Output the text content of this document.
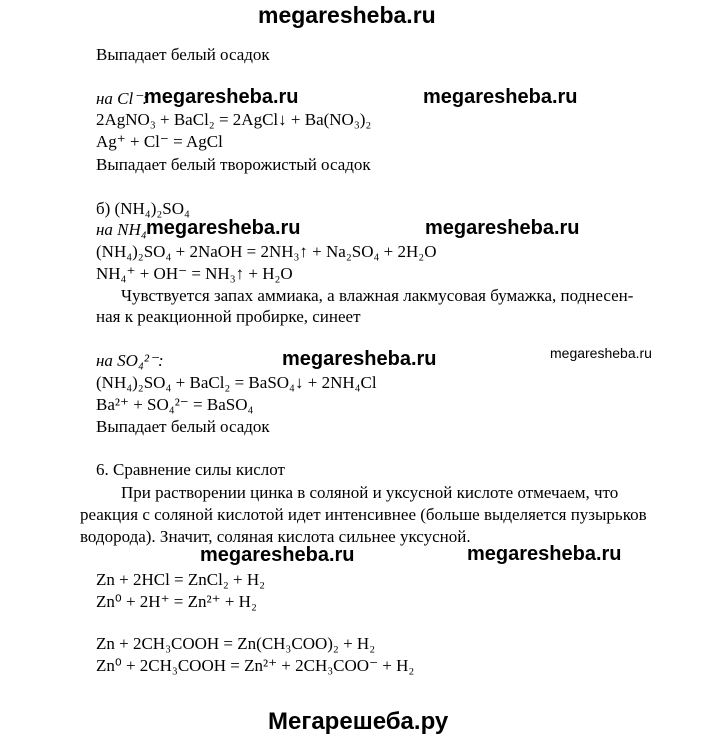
megaresheba.ru
Выпадает белый осадок
на Cl⁻:
megaresheba.ru	megaresheba.ru
2AgNO₃ + BaCl₂ = 2AgCl↓ + Ba(NO₃)₂
Ag⁺ + Cl⁻ = AgCl
Выпадает белый творожистый осадок
б) (NH₄)₂SO₄
на NH₄ megaresheba.ru	megaresheba.ru
(NH₄)₂SO₄ + 2NaOH = 2NH₃↑ + Na₂SO₄ + 2H₂O
NH₄⁺ + OH⁻ = NH₃↑ + H₂O
Чувствуется запах аммиака, а влажная лакмусовая бумажка, поднесен-
ная к реакционной пробирке, синеет
на SO₄²⁻:	megaresheba.ru	megaresheba.ru
(NH₄)₂SO₄ + BaCl₂ = BaSO₄↓ + 2NH₄Cl
Ba²⁺ + SO₄²⁻ = BaSO₄
Выпадает белый осадок
6. Сравнение силы кислот
При растворении цинка в соляной и уксусной кислоте отмечаем, что
реакция с соляной кислотой идет интенсивнее (больше выделяется пузырьков
водорода). Значит, соляная кислота сильнее уксусной.
megaresheba.ru	megaresheba.ru
Zn + 2HCl = ZnCl₂ + H₂
Zn⁰ + 2H⁺ = Zn²⁺ + H₂
Zn + 2CH₃COOH = Zn(CH₃COO)₂ + H₂
Zn⁰ + 2CH₃COOH = Zn²⁺ + 2CH₃COO⁻ + H₂
Мегарешеба.ру
